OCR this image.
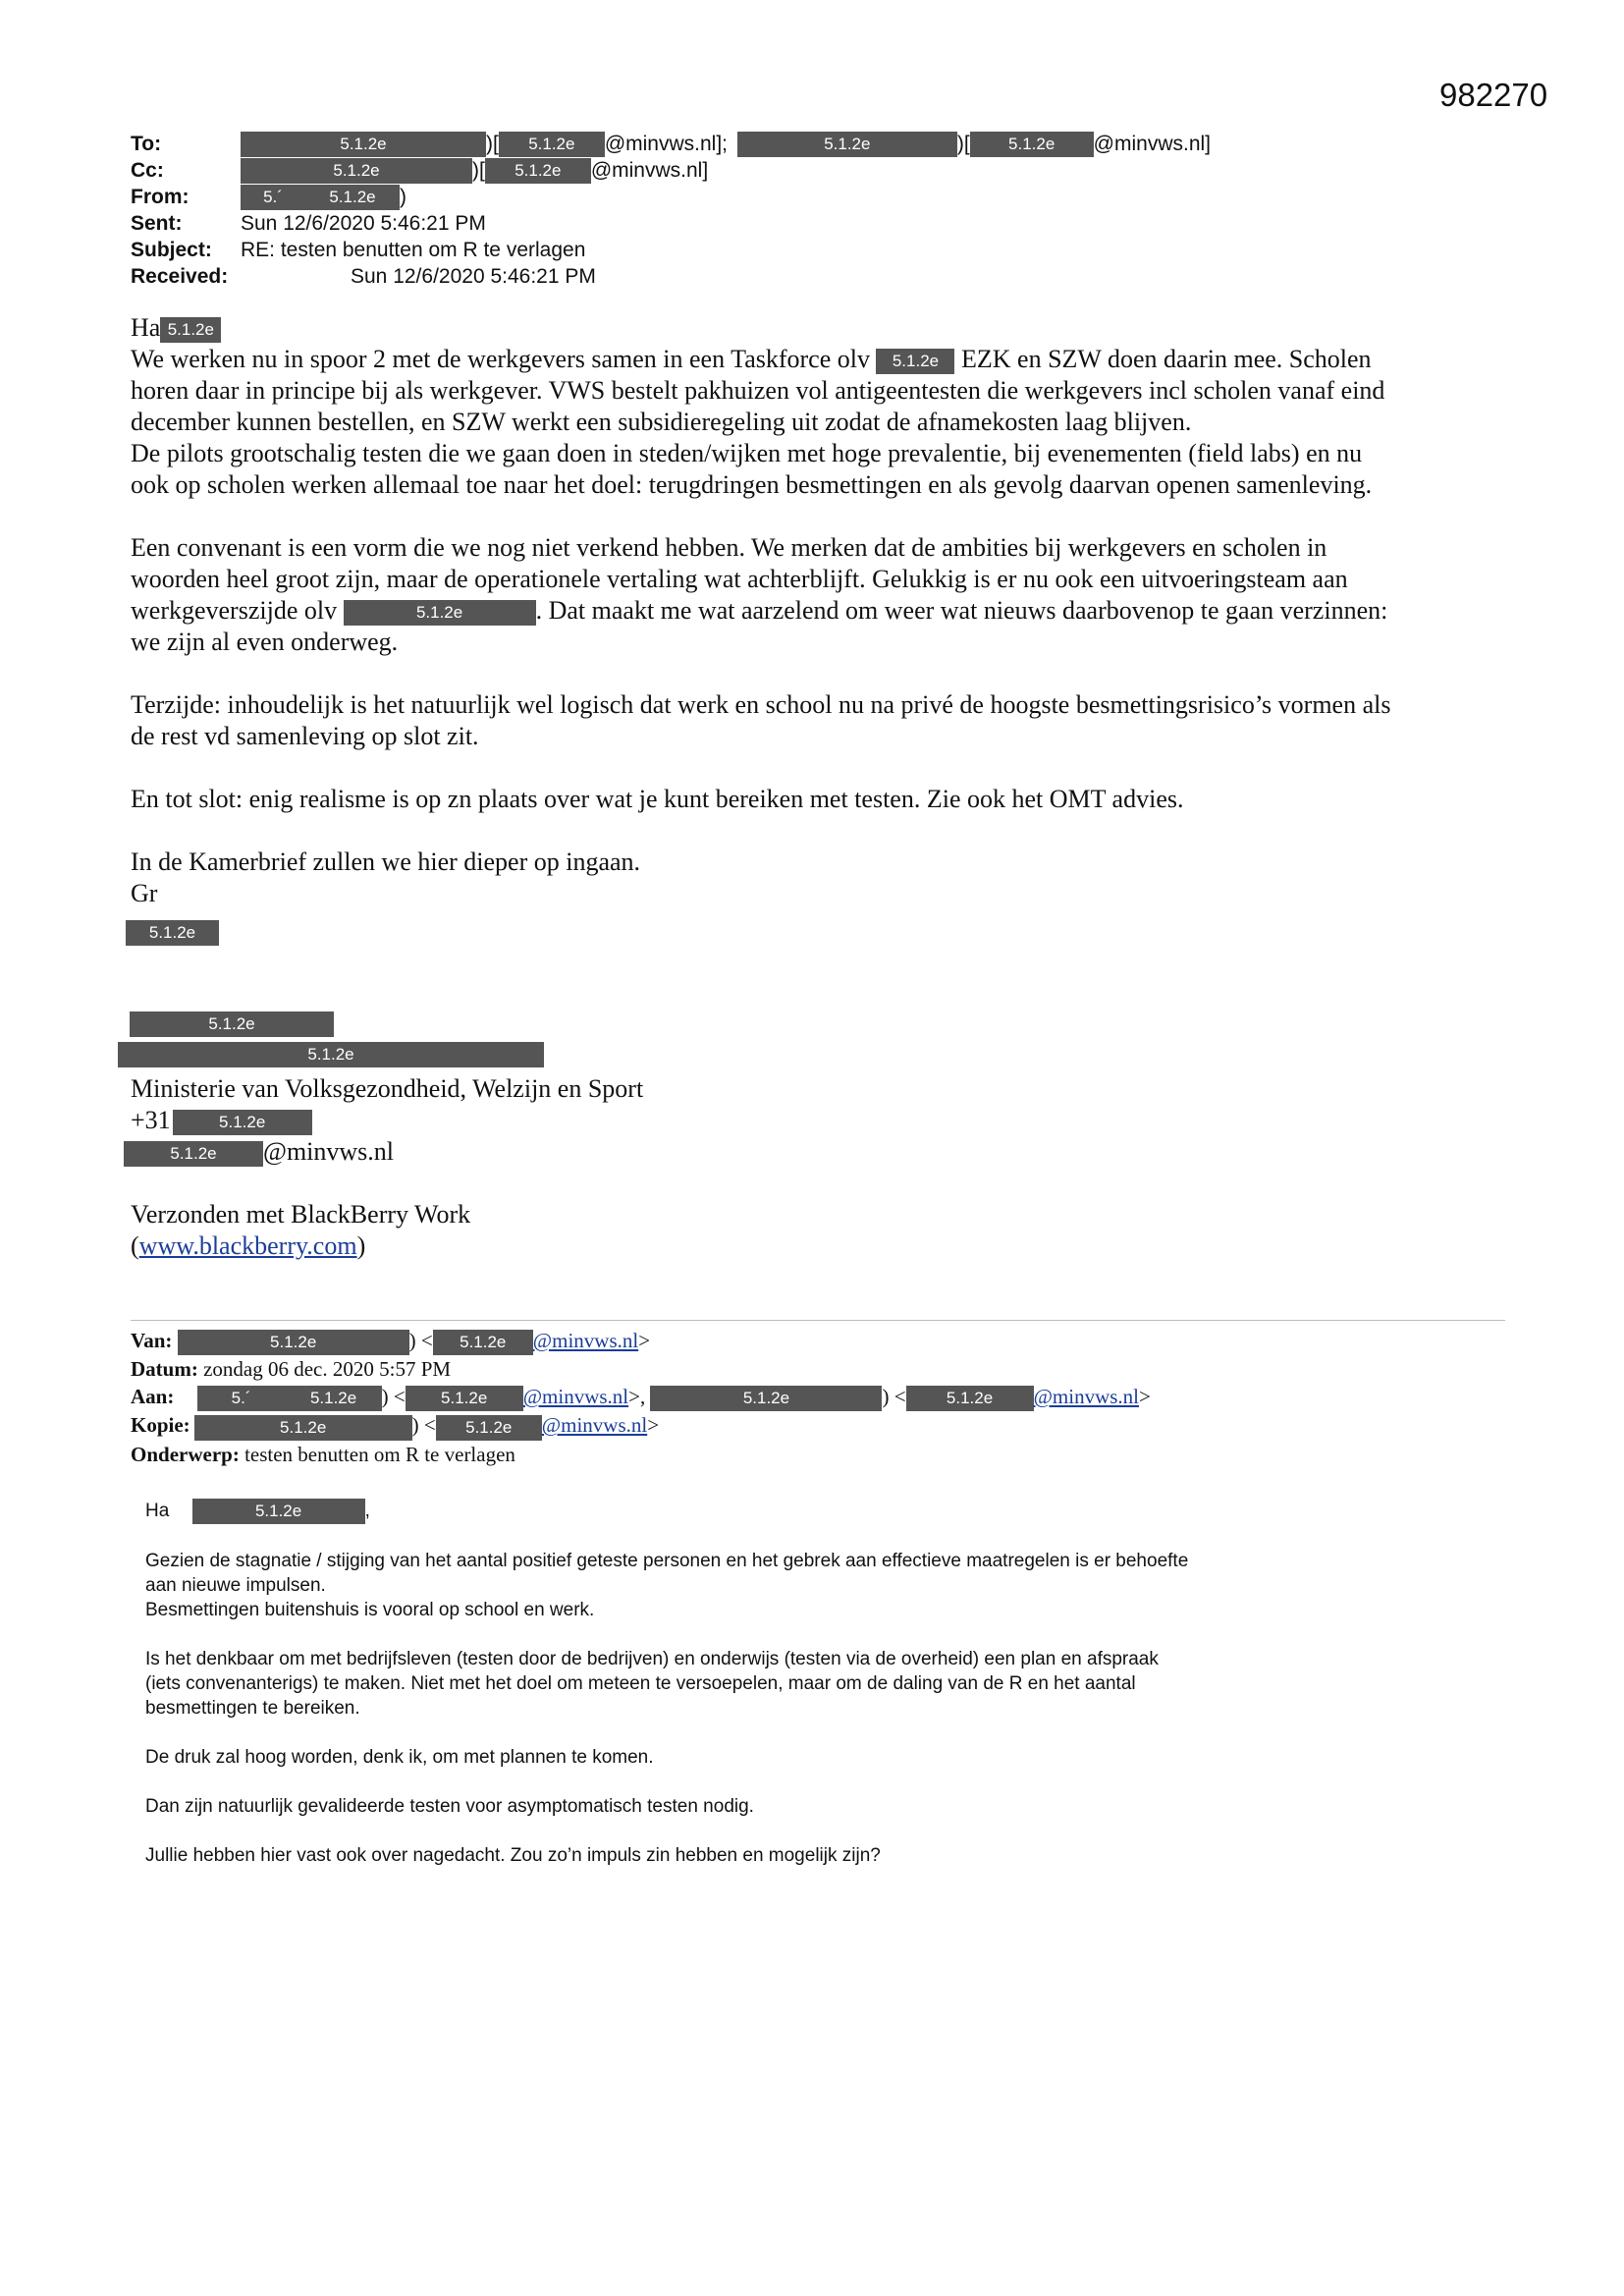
982270
To:	5.1.2e	)[ 5.1.2e @minvws.nl];	5.1.2e	)[ 5.1.2e @minvws.nl]
Cc:	5.1.2e	)[ 5.1.2e @minvws.nl]
From:	5.´	5.1.2e )
Sent:	Sun 12/6/2020 5:46:21 PM
Subject: RE: testen benutten om R te verlagen
Received:	Sun 12/6/2020 5:46:21 PM
Ha 5.1.2e
We werken nu in spoor 2 met de werkgevers samen in een Taskforce olv 5.1.2e EZK en SZW doen daarin mee. Scholen
horen daar in principe bij als werkgever. VWS bestelt pakhuizen vol antigeentesten die werkgevers incl scholen vanaf eind
december kunnen bestellen, en SZW werkt een subsidieregeling uit zodat de afnamekosten laag blijven.
De pilots grootschalig testen die we gaan doen in steden/wijken met hoge prevalentie, bij evenementen (field labs) en nu
ook op scholen werken allemaal toe naar het doel: terugdringen besmettingen en als gevolg daarvan openen samenleving.
Een convenant is een vorm die we nog niet verkend hebben. We merken dat de ambities bij werkgevers en scholen in
woorden heel groot zijn, maar de operationele vertaling wat achterblijft. Gelukkig is er nu ook een uitvoeringsteam aan
werkgeverszijde olv	5.1.2e	. Dat maakt me wat aarzelend om weer wat nieuws daarbovenop te gaan verzinnen:
we zijn al even onderweg.
Terzijde: inhoudelijk is het natuurlijk wel logisch dat werk en school nu na privé de hoogste besmettingsrisico’s vormen als
de rest vd samenleving op slot zit.
En tot slot: enig realisme is op zn plaats over wat je kunt bereiken met testen. Zie ook het OMT advies.
In de Kamerbrief zullen we hier dieper op ingaan.
Gr
5.1.2e
5.1.2e
5.1.2e
Ministerie van Volksgezondheid, Welzijn en Sport
+31	5.1.2e
5.1.2e @minvws.nl
Verzonden met BlackBerry Work
(www.blackberry.com)
Van:	5.1.2e	) < 5.1.2e @minvws.nl>
Datum: zondag 06 dec. 2020 5:57 PM
Aan:	5.´	5.1.2e ) < 5.1.2e @minvws.nl>,	5.1.2e	) < 5.1.2e @minvws.nl>
Kopie:	5.1.2e	) < 5.1.2e @minvws.nl>
Onderwerp: testen benutten om R te verlagen
Ha	5.1.2e	,
Gezien de stagnatie / stijging van het aantal positief geteste personen en het gebrek aan effectieve maatregelen is er behoefte
aan nieuwe impulsen.
Besmettingen buitenshuis is vooral op school en werk.
Is het denkbaar om met bedrijfsleven (testen door de bedrijven) en onderwijs (testen via de overheid) een plan en afspraak
(iets convenanterigs) te maken. Niet met het doel om meteen te versoepelen, maar om de daling van de R en het aantal
besmettingen te bereiken.
De druk zal hoog worden, denk ik, om met plannen te komen.
Dan zijn natuurlijk gevalideerde testen voor asymptomatisch testen nodig.
Jullie hebben hier vast ook over nagedacht. Zou zo’n impuls zin hebben en mogelijk zijn?
